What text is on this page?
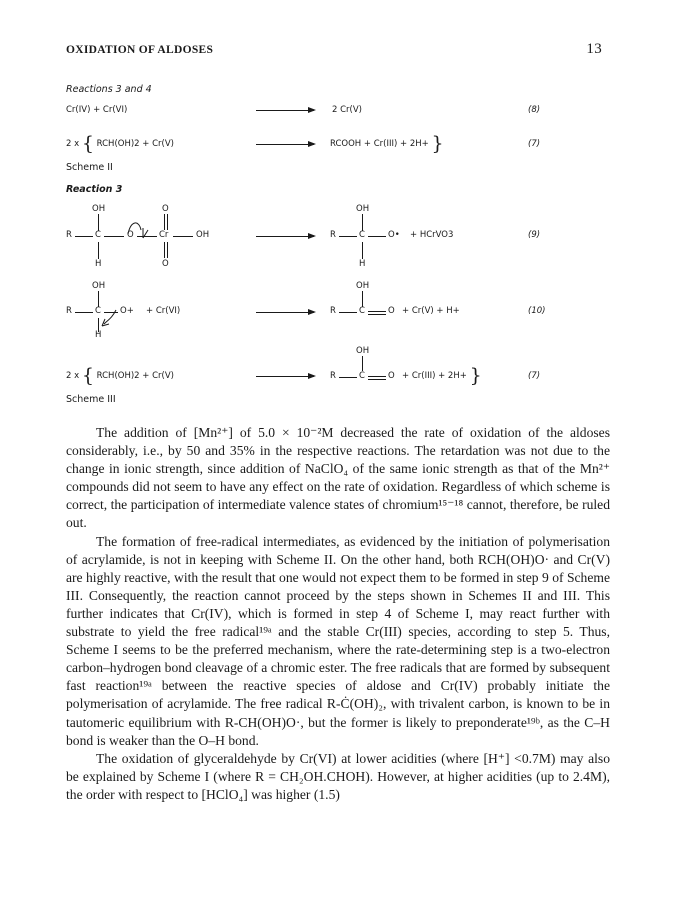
OXIDATION OF ALDOSES	13
Reactions 3 and 4
Cr(IV) + Cr(VI)	→ 2 Cr(V)	(8)
2 x { RCH(OH)2 + Cr(V)	→ RCOOH + Cr(III) + 2H+ }	(7)
Scheme II
Reaction 3
OH
R	C	O	Cr	OH
H
O
O
OH
R	C	O•
H
+ HCrVO3	(9)
OH
R	C O+
H
+ Cr(VI)
OH
R	C	O + Cr(V) + H+	(10)
2 x { RCH(OH)2 + Cr(V)
OH
R	C	O + Cr(III) + 2H+ }	(7)
Scheme III

The addition of [Mn²⁺] of 5.0 × 10⁻²M decreased the rate of oxidation of the aldoses considerably, i.e., by 50 and 35% in the respective reactions. The retardation was not due to the change in ionic strength, since addition of NaClO₄ of the same ionic strength as that of the Mn²⁺ compounds did not seem to have any effect on the rate of oxidation. Regardless of which scheme is correct, the participation of intermediate valence states of chromium¹⁵⁻¹⁸ cannot, therefore, be ruled out.

The formation of free-radical intermediates, as evidenced by the initiation of polymerisation of acrylamide, is not in keeping with Scheme II. On the other hand, both RCH(OH)O· and Cr(V) are highly reactive, with the result that one would not expect them to be formed in step 9 of Scheme III. Consequently, the reaction cannot proceed by the steps shown in Schemes II and III. This further indicates that Cr(IV), which is formed in step 4 of Scheme I, may react further with substrate to yield the free radical¹⁹ᵃ and the stable Cr(III) species, according to step 5. Thus, Scheme I seems to be the preferred mechanism, where the rate-determining step is a two-electron carbon–hydrogen bond cleavage of a chromic ester. The free radicals that are formed by subsequent fast reaction¹⁹ᵃ between the reactive species of aldose and Cr(IV) probably initiate the polymerisation of acrylamide. The free radical R-Ċ(OH)₂, with trivalent carbon, is known to be in tautomeric equilibrium with R-CH(OH)O·, but the former is likely to preponderate¹⁹ᵇ, as the C–H bond is weaker than the O–H bond.

The oxidation of glyceraldehyde by Cr(VI) at lower acidities (where [H⁺] <0.7M) may also be explained by Scheme I (where R = CH₂OH.CHOH). However, at higher acidities (up to 2.4M), the order with respect to [HClO₄] was higher (1.5)
